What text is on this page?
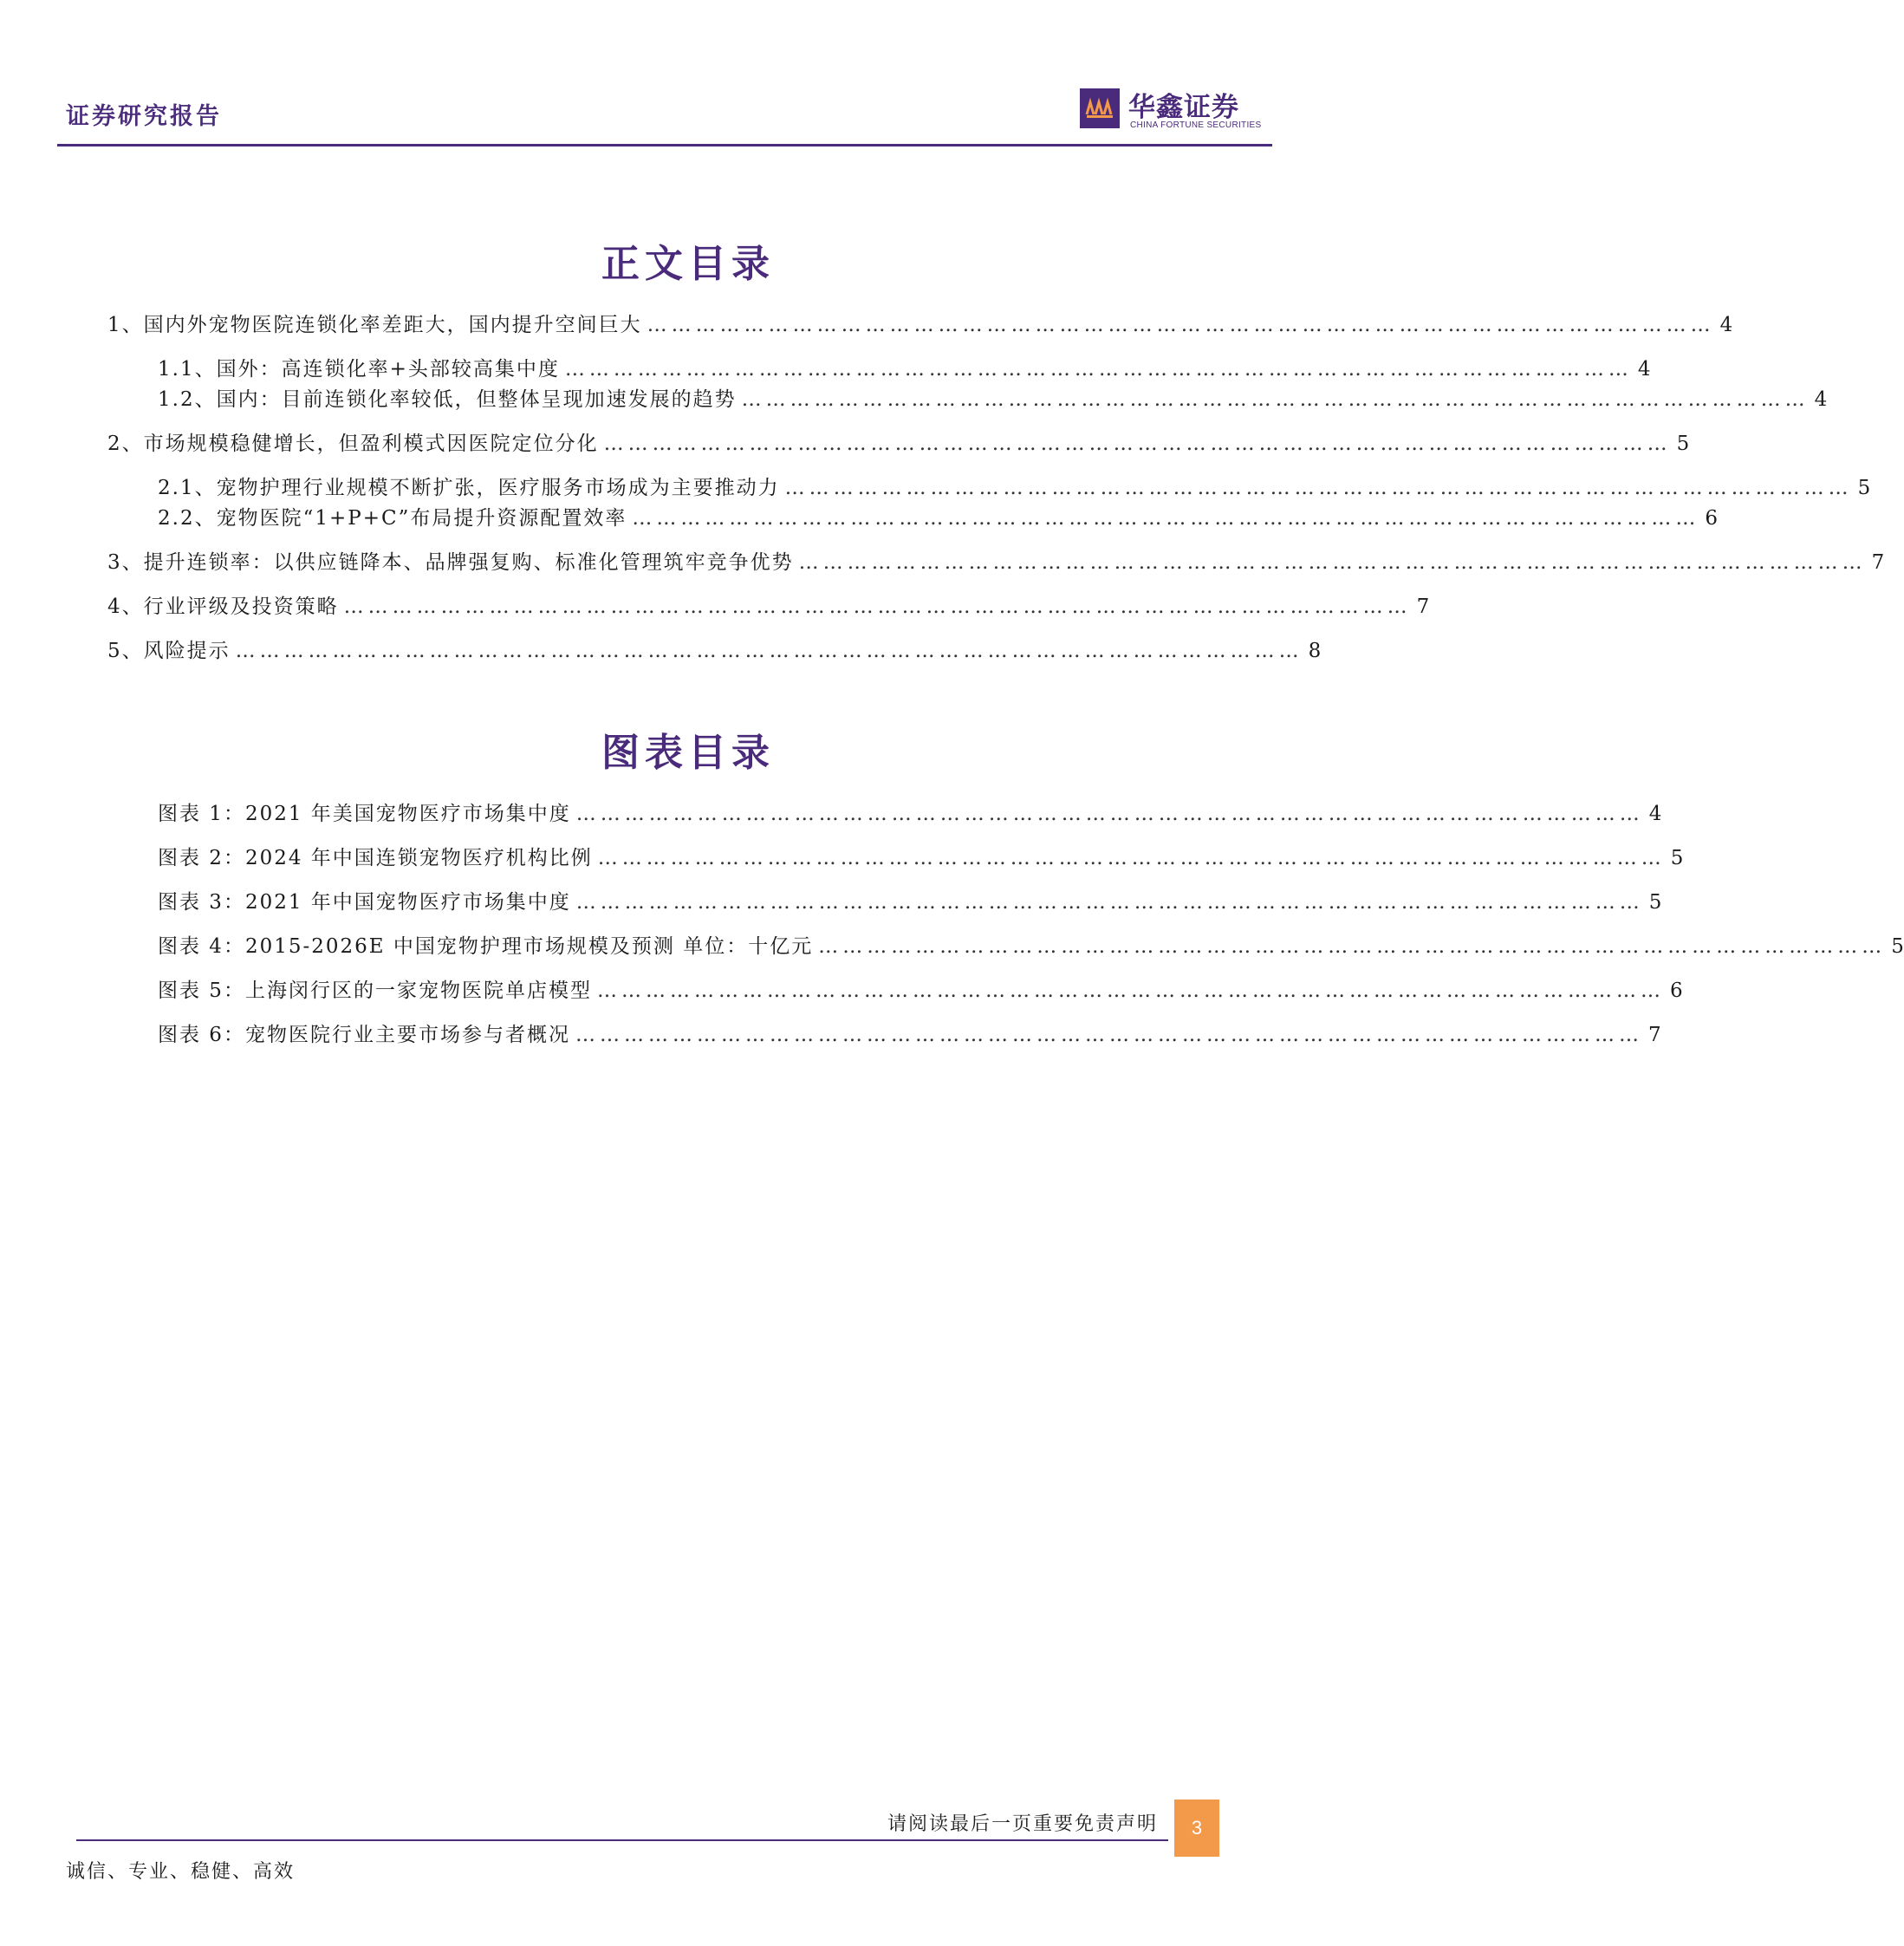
证券研究报告	华鑫证券
CHINA FORTUNE SECURITIES
正文目录
1、 国内外宠物医院连锁化率差距大，国内提升空间巨大 …………………………………………………………………………………………………………………… 4
1.1、 国外：高连锁化率+头部较高集中度 …………………………………………………………………………………………………………………… 4
1.2、 国内：目前连锁化率较低，但整体呈现加速发展的趋势 …………………………………………………………………………………………………………………… 4
2、 市场规模稳健增长，但盈利模式因医院定位分化 …………………………………………………………………………………………………………………… 5
2.1、 宠物护理行业规模不断扩张，医疗服务市场成为主要推动力 …………………………………………………………………………………………………………………… 5
2.2、 宠物医院“1+P+C”布局提升资源配置效率 …………………………………………………………………………………………………………………… 6
3、 提升连锁率：以供应链降本、品牌强复购、标准化管理筑牢竞争优势 …………………………………………………………………………………………………………………… 7
4、 行业评级及投资策略 …………………………………………………………………………………………………………………… 7
5、 风险提示 …………………………………………………………………………………………………………………… 8
图表目录
图表 1：2021 年美国宠物医疗市场集中度 …………………………………………………………………………………………………………………… 4
图表 2：2024 年中国连锁宠物医疗机构比例 …………………………………………………………………………………………………………………… 5
图表 3：2021 年中国宠物医疗市场集中度 …………………………………………………………………………………………………………………… 5
图表 4：2015-2026E 中国宠物护理市场规模及预测 单位：十亿元 …………………………………………………………………………………………………………………… 5
图表 5：上海闵行区的一家宠物医院单店模型 …………………………………………………………………………………………………………………… 6
图表 6：宠物医院行业主要市场参与者概况 …………………………………………………………………………………………………………………… 7
请阅读最后一页重要免责声明	3
诚信、专业、稳健、高效
